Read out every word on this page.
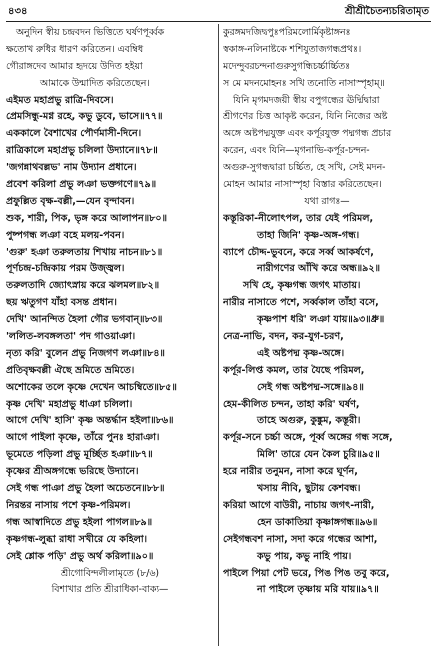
৪৩৪	শ্রীশ্রীচৈতন্যচরিতামৃত
অনুদিন স্বীয় চন্দ্রবদন ভিত্তিতে ঘর্ষণপূর্ব্বক
ক্ষতোখ রুধির ধারণ করিতেন। এবম্বিধ
গৌরাঙ্গদেব আমার হৃদয়ে উদিত হইয়া
আমাকে উন্মাদিত করিতেছেন।
এইমত মহাপ্রভু রাত্রি-দিবসে।
প্রেমসিন্ধু-মগ্ন রহে, কভু ডুবে, ভাসে॥৭৭॥
এককালে বৈশাখের পৌর্ণমাসী-দিনে।
রাত্রিকালে মহাপ্রভু চলিলা উদ্যানে॥৭৮॥
'জগন্নাথবল্লভ' নাম উদ্যান প্রধানে।
প্রবেশ করিলা প্রভু লঞা ভক্তগণে॥৭৯॥
প্রফুল্লিত বৃক্ষ-বল্লী,—যেন বৃন্দাবন।
শুক, শারী, পিক, ভৃঙ্গ করে আলাপন॥৮০॥
পুষ্পগন্ধ লঞা বহে মলয়-পবন।
'গুরু' হঞা তরুলতায় শিখায় নাচন॥৮১॥
পূর্ণচন্দ্র-চন্দ্রিকায় পরম উজ্জ্বল।
তরুলতাদি জ্যোৎস্নায় করে ঝলমল॥৮২॥
ছয় ঋতুগণ যাঁহা বসন্ত প্রধান।
দেখি' আনন্দিত হৈলা গৌর ভগবান্॥৮৩॥
'ললিত-লবঙ্গলতা' পদ গাওয়াঞা।
নৃত্য করি' বুলেন প্রভু নিজগণ লঞা॥৮৪॥
প্রতিবৃক্ষবল্লী ঐছে ভ্রমিতে ভ্রমিতে।
অশোকের তলে কৃষ্ণে দেখেন আচম্বিতে॥৮৫॥
কৃষ্ণ দেখি' মহাপ্রভু ধাঞা চলিলা।
আগে দেখি' হাসি' কৃষ্ণ অন্তর্দ্ধান হইলা॥৮৬॥
আগে পাইলা কৃষ্ণে, তাঁরে পুনঃ হারাঞা।
ভূমেতে পড়িলা প্রভু মূর্চ্ছিত হঞা॥৮৭॥
কৃষ্ণের শ্রীঅঙ্গগন্ধে ভরিছে উদ্যানে।
সেই গন্ধ পাঞা প্রভু হৈলা অচেতনে॥৮৮॥
নিরন্তর নাসায় পশে কৃষ্ণ-পরিমল।
গন্ধ আস্বাদিতে প্রভু হইলা পাগল॥৮৯॥
কৃষ্ণগন্ধ-লুব্ধা রাধা সখীরে যে কহিলা।
সেই শ্লোক পড়ি' প্রভু অর্থ করিলা॥৯০॥
শ্রীগোবিন্দলীলামৃতে (৮/৬)
বিশাখার প্রতি শ্রীরাধিকা-বাক্য—
কুরঙ্গমদজিদ্বপুঃপরিমলোর্মিকৃষ্টাঙ্গনঃ
স্বকাঙ্গ-নলিনাষ্টকে শশিযুতাজগন্ধপ্রথঃ।
মদেন্দুবরচন্দনাগুরুসুগন্ধিচর্চ্চার্চ্চিতঃ
স মে মদনমোহনঃ সখি তনোতি নাসাস্পৃহাম্॥
যিনি মৃগমদজয়ী স্বীয় বপুগন্ধের ঊর্দ্মিদ্বারা
শ্রীগণের চিত্ত আকৃষ্ট করেন, যিনি নিজের অষ্ট
অঙ্গে অষ্টপদ্মযুক্ত এবং কর্পূরযুক্ত পদ্মগন্ধ প্রচার
করেন, এবং যিনি—মৃগনাভি-কর্পূর-চন্দন-
অগুরু-সুগন্ধদ্বারা চর্চ্চিত, হে সখি, সেই মদন-
মোহন আমার নাসাস্পৃহা বিস্তার করিতেছেন।
যথা রাগঃ—
কস্তূরিকা-নীলোৎপল, তার যেই পরিমল,
তাহা জিনি' কৃষ্ণ-অঙ্গ-গন্ধ।
ব্যাপে চৌদ্দ-ভুবনে, করে সর্ব্ব আকর্ষণে,
নারীগণের আঁখি করে অন্ধ॥৯২॥
সখি হে, কৃষ্ণগন্ধ জগৎ মাতায়।
নারীর নাসাতে পশে, সর্ব্বকাল তাঁহা বসে,
কৃষ্ণপাশ ধরি' লঞা যায়॥৯৩॥ধ্রু॥
নেত্র-নাভি, বদন, কর-যুগ-চরণ,
এই অষ্টপদ্ম কৃষ্ণ-অঙ্গে।
কর্পূর-লিপ্ত কমল, তার যৈছে পরিমল,
সেই গন্ধ অষ্টপদ্ম-সঙ্গে॥৯৪॥
হেম-কীলিত চন্দন, তাহা করি' ঘর্ষণ,
তাহে অগুরু, কুঙ্কুম, কস্তূরী।
কর্পূর-সনে চর্চ্চা অঙ্গে, পূর্ব্ব অঙ্গের গন্ধ সঙ্গে,
মিলি' তারে যেন কৈল চুরি॥৯৫॥
হরে নারীর তনুমন, নাসা করে ঘূর্ণন,
খসায় নীবি, ছুটায় কেশবন্ধ।
করিয়া আগে বাউরী, নাচায় জগৎ-নারী,
হেন ডাকাতিয়া কৃষ্ণাঙ্গগন্ধ॥৯৬॥
সেইগন্ধবশ নাসা, সদা করে গন্ধের আশা,
কভু পায়, কভু নাহি পায়।
পাইলে পিয়া পেট ভরে, পিঙ পিঙ তবু করে,
না পাইলে তৃষ্ণায় মরি যায়॥৯৭॥
